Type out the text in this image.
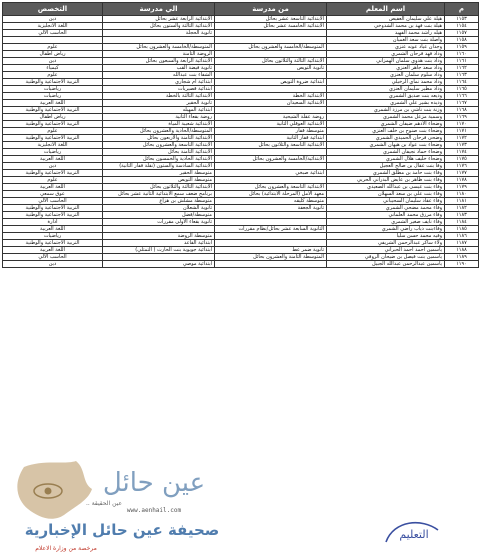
م	اسم المعلم	من مدرسة	الي مدرسة	التخصص
١١٥٣	هيلة علي سليمان العفيص	الابتدائية التاسعة عشر بحائل	الابتدائية الرابعة عشر بحائل	دين
١١٥٤	هيلة بنت فهد بن محمد الشدوخي	الابتدائية الخامسة عشر بحائل	الابتدائية الثالثة والستون بحائل	اللغة الانجليزية
١١٥٧	هيله راشد محمد الفهيد		ثانوية الحجلة	الحاسب الالي
١١٥٨	واصلة بنت سعد الغميان			
١١٥٩	وجدان عياد عونه عنزي	المتوسطة/الخامسة والعشرون بحائل	المتوسطة/الخامسة والعشرون بحائل	علوم
١١٦٠	وداد فهد فرحان الشمري		الروضة الثامنة	رياض اطفال
١١٦١	وداد بنت هدوي سلمان الهمزاني	الابتدائية الثالثة والثلاثون بحائل	الابتدائية الرابعة والسبعون بحائل	دين
١١٦٢	وداد سعد جاهر العنزي	ثانوية التويص	ثانوية فيضة ألقب	كيمياء
١١٦٣	وداد سلوم سلمان العنزي		الشفاء بنت عبدالله	علوم
١١٦٤	وداد محمد نماي الرخيلي	ابتدائية ضروة التويص	ابتدائية ام شجاري	التربية الاجتماعية والوطنية
١١٦٥	وداد مطير سليمان العنزي		ابتدائية قصيريات	رياضيات
١١٦٦	وديعه بنت صديق الشمري	الابتدائية الخطة	الابتدائية الثالثة بالخطة	رياضيات
١١٦٧	وديده بشير علي الشمري	الابتدائية السعيدان	ثانوية الحقير	اللغة العربية
١١٦٨	وزنة بنت ناشي بن مرزد الشمري		ابتدائية المهبله	التربية الاجتماعية والوطنية
١١٦٩	وسمية مزعل محمد الشمري	روضة عقلة الشيحية	روضة بقعاء الثانية	رياض اطفال
١١٧٠	وضحاء الادهم ضيفان الشمري	الابتدائية العوقلي الثانية	الابتدائية شعيبة المياة	التربية الاجتماعية والوطنية
١١٧١	وضحاء بنت صنوح بن خلف العنزي	متوسطة قفار	المتوسطة/الحادية والعشرون بحائل	علوم
١١٧٢	وضحى فرحان الحميدي الشمري	ابتدائية قفار الثانية	الابتدائية الثامنة والاربعون بحائل	التربية الاجتماعية والوطنية
١١٧٣	وضحاء بنت عواد بن هيهان الشمري	الابتدائية التاسعة والثلاثون بحائل	الابتدائية التاسعة والعشرون بحائل	اللغة الانجليزية
١١٧٤	وضحاء حماد نجيفان الشمري		الابتدائية الثامنة بحائل	رياضيات
١١٧٥	وضحاء خليف هلال الشمري	الابتدائية/الخامسة والعشرون بحائل	الابتدائية الحادية والخمسون بحائل	اللغة العربية
١١٧٦	وفا بنت عقال بن صالح العجيل		الابتدائية السادسة والستون (نقلة قفار الثانية)	دين
١١٧٧	وفاء بنت حامد بن مطلق الشمري	ابتدائية صبخي	متوسطة الحقير	التربية الاجتماعية والوطنية
١١٧٨	وفاء بنت ظاهر بن عايض البدراني الحربي		متوسطة التويص	علوم
١١٧٩	وفاء بنت عيسى بن عبدالله الصعيدي	الابتدائية التاسعة والعشرون بحائل	الابتدائية الثالثة والثلاثون بحائل	اللغة العربية
١١٨٠	وفاء بنت علي بن سعد السهلان	معهد الامل (المرحلة الابتدائية) بحائل	برنامج ضعف سمع الابتدائية الثانية عشر بحائل	عوق سمعي
١١٨١	وفاء عقاد سليمان السحيباني	متوسطة كليقه	متوسطة مشلش بن هزاع	الحاسب الالي
١١٨٢	وفاء محمد مضحي الشمري	ثانوية الجعفة	ثانوية الشعلان	التربية الاجتماعية والوطنية
١١٨٣	وفاء مرزق محمد العلماني		متوسطة/فضل	التربية الاجتماعية والوطنية
١١٨٤	وفاء نايف صغير الشمري		ثانوية بقعاء الأولى مقررات	ادارة
١١٨٥	وفاءبنت ذياب راضي الشمري	الثانوية السابعة عشر بحائل/نظام مقررات		اللغة العربية
١١٨٦	وفيه محمد حسن سليا		متوسطة الروضة	رياضيات
١١٨٧	ولاء ساكر عبدالرحمن الشريفي		ابتدائية القاعد	التربية الاجتماعية والوطنية
١١٨٨	ياسمين احمد احمد الحبراني	ثانوية ضمر عط	ابتدائية جويوية بنت الحارث ( التمثلي)	اللغة العربية
١١٨٩	ياسمين بنت فيصل بن ضيحان الروقي	المتوسطة الثامنة والعشرون بحائل		الحاسب الالي
١١٩٠	ياسمين عبدالرحمن عبدالله الجبيل		ابتدائية موصي	دين
عين حائل
عين الحقيقة ..
www.aenhail.com
صحيفة عين حائل الإخبارية
مرخصة من وزارة الاعلام
التعليم
